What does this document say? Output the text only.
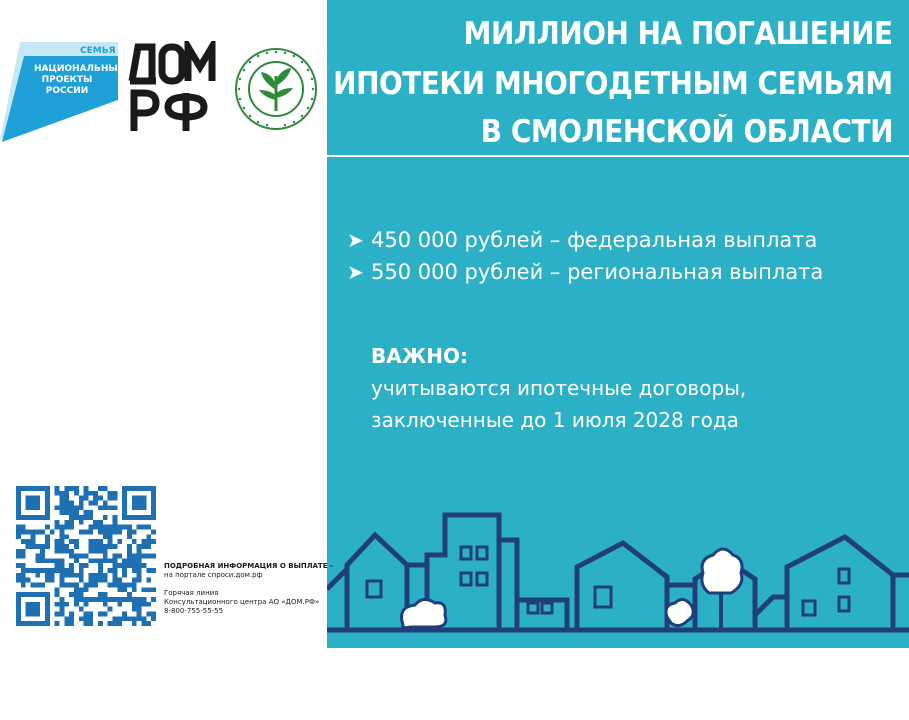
СЕМЬЯ
НАЦИОНАЛЬНЫЕ
ПРОЕКТЫ
РОССИИ
МИЛЛИОН НА ПОГАШЕНИЕ
ИПОТЕКИ МНОГОДЕТНЫМ СЕМЬЯМ
В СМОЛЕНСКОЙ ОБЛАСТИ
➤ 450 000 рублей – федеральная выплата
➤ 550 000 рублей – региональная выплата
ВАЖНО:
учитываются ипотечные договоры,
заключенные до 1 июля 2028 года
ПОДРОБНАЯ ИНФОРМАЦИЯ О ВЫПЛАТЕ -
на портале спроси.дом.рф
Горячая линия
Консультационного центра АО «ДОМ.РФ»
8-800-755-55-55
